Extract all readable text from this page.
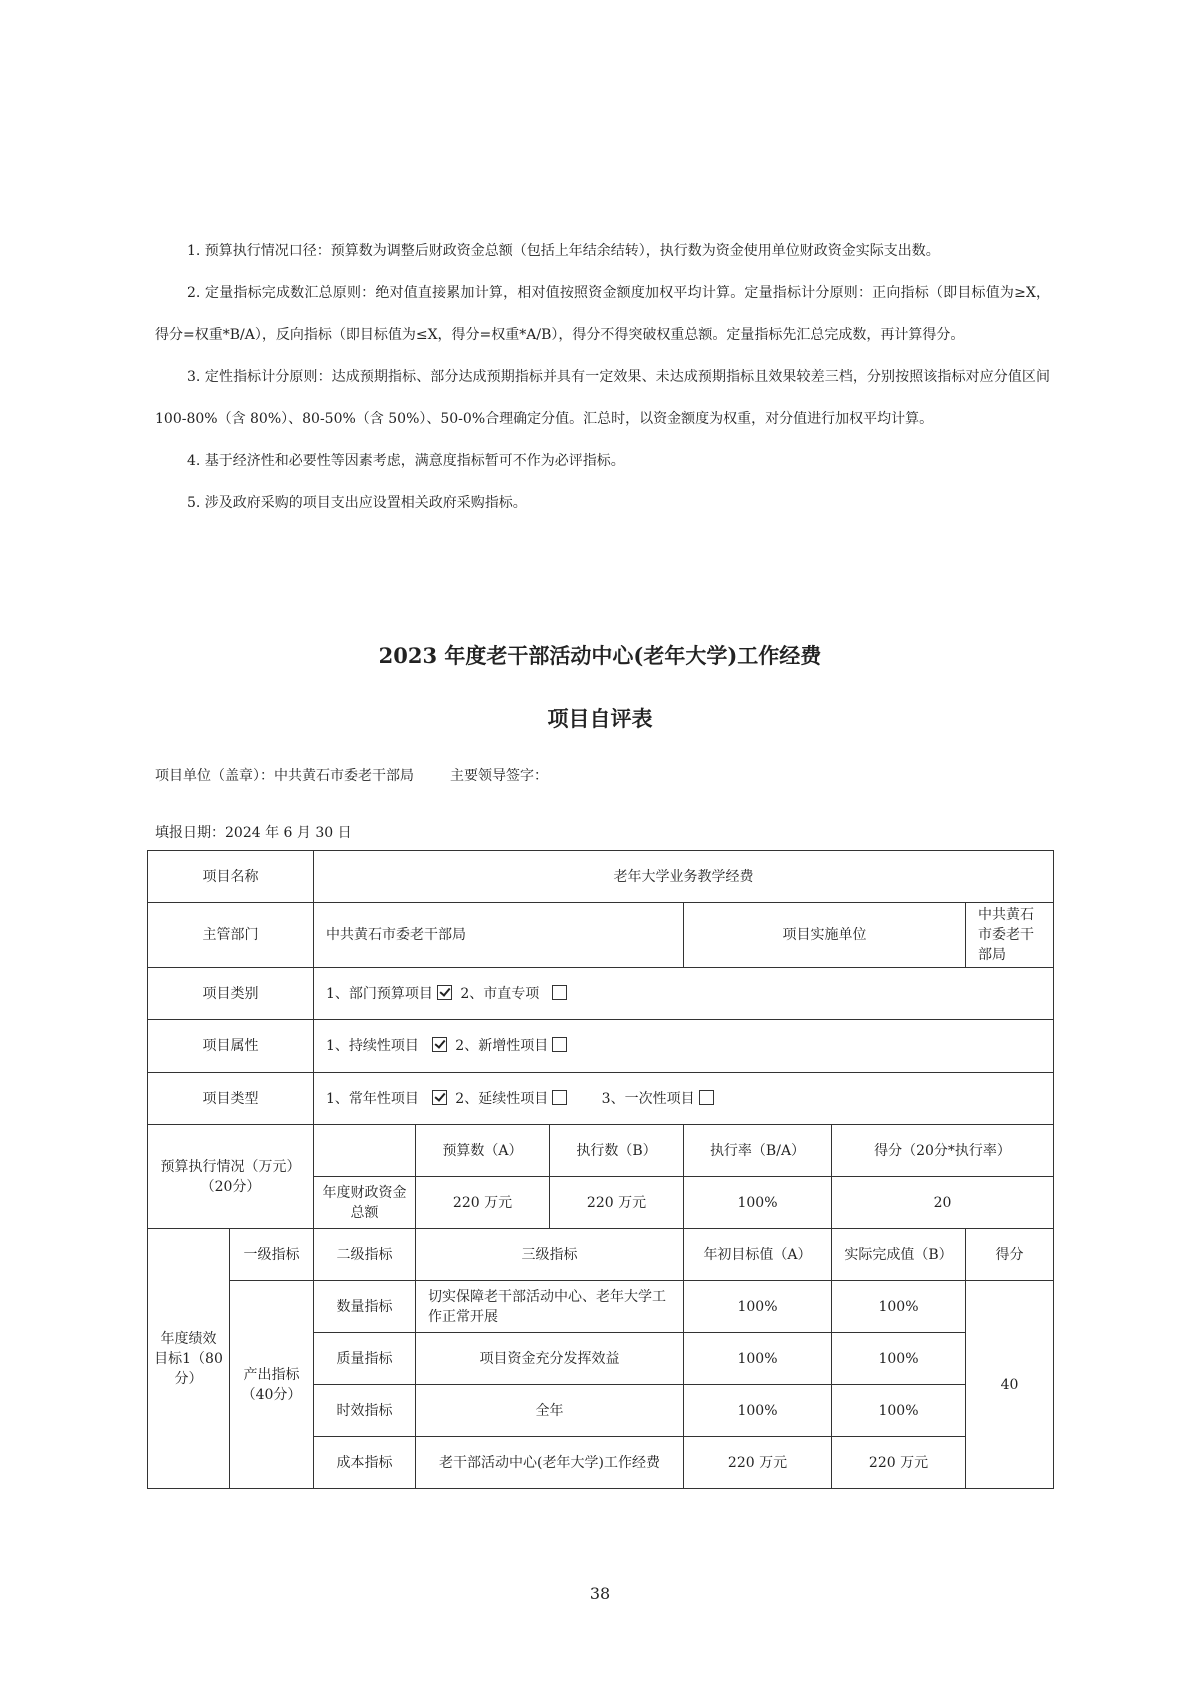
1. 预算执行情况口径：预算数为调整后财政资金总额（包括上年结余结转），执行数为资金使用单位财政资金实际支出数。

2. 定量指标完成数汇总原则：绝对值直接累加计算，相对值按照资金额度加权平均计算。定量指标计分原则：正向指标（即目标值为≥X，得分=权重*B/A），反向指标（即目标值为≤X，得分=权重*A/B），得分不得突破权重总额。定量指标先汇总完成数，再计算得分。

3. 定性指标计分原则：达成预期指标、部分达成预期指标并具有一定效果、未达成预期指标且效果较差三档，分别按照该指标对应分值区间 100-80%（含 80%）、80-50%（含 50%）、50-0%合理确定分值。汇总时，以资金额度为权重，对分值进行加权平均计算。

4. 基于经济性和必要性等因素考虑，满意度指标暂可不作为必评指标。

5. 涉及政府采购的项目支出应设置相关政府采购指标。

2023 年度老干部活动中心(老年大学)工作经费
项目自评表
项目单位（盖章）：中共黄石市委老干部局	主要领导签字：
填报日期：2024 年 6 月 30 日
项目名称		老年大学业务教学经费					
主管部门		中共黄石市委老干部局			项目实施单位		中共黄石市委老干部局
项目类别		1、部门预算项目 2、市直专项					
项目属性		1、持续性项目 2、新增性项目					
项目类型		1、常年性项目 2、延续性项目 3、一次性项目					
预算执行情况（万元）（20分）			预算数（A）	执行数（B）	执行率（B/A）	得分（20分*执行率）	
		年度财政资金总额	220 万元	220 万元	100%	20	
年度绩效目标1（80分）	一级指标	二级指标	三级指标		年初目标值（A）	实际完成值（B）	得分
	产出指标（40分）	数量指标	切实保障老干部活动中心、老年大学工作正常开展		100%	100%	40
		质量指标	项目资金充分发挥效益		100%	100%	
		时效指标	全年		100%	100%	
		成本指标	老干部活动中心(老年大学)工作经费		220 万元	220 万元	
38
